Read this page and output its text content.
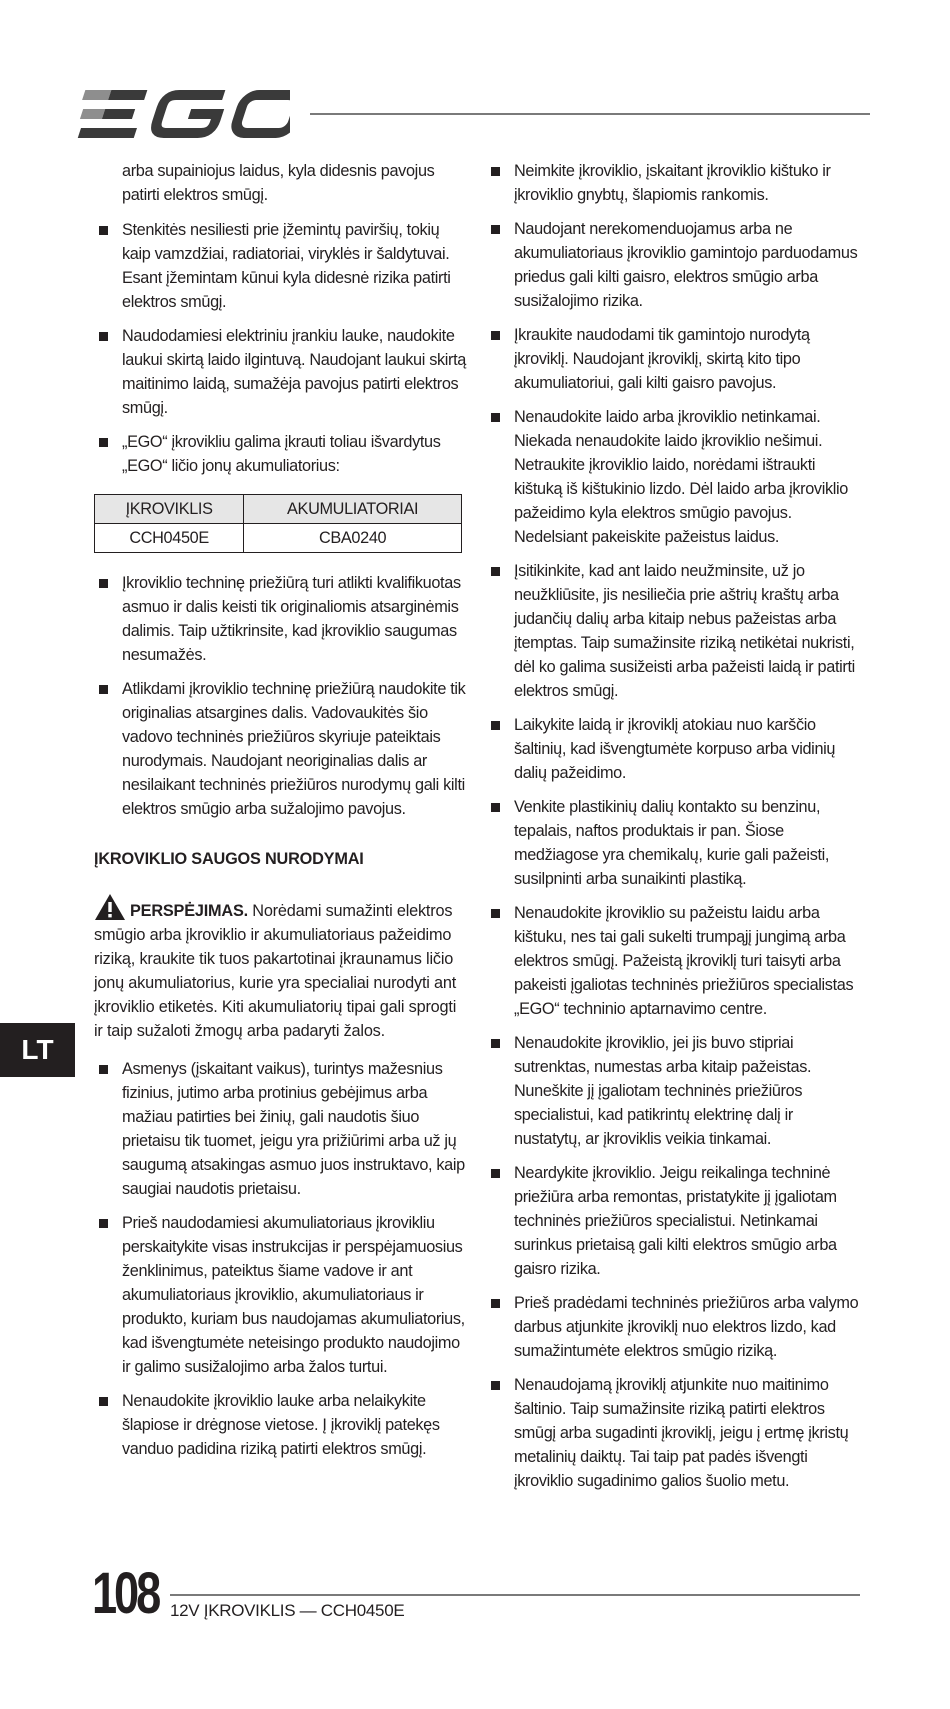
arba supainiojus laidus, kyla didesnis pavojus patirti elektros smūgį.

Stenkitės nesiliesti prie įžemintų paviršių, tokių kaip vamzdžiai, radiatoriai, viryklės ir šaldytuvai. Esant įžemintam kūnui kyla didesnė rizika patirti elektros smūgį.

Naudodamiesi elektriniu įrankiu lauke, naudokite laukui skirtą laido ilgintuvą. Naudojant laukui skirtą maitinimo laidą, sumažėja pavojus patirti elektros smūgį.

„EGO“ įkrovikliu galima įkrauti toliau išvardytus „EGO“ ličio jonų akumuliatorius:

ĮKROVIKLIS	AKUMULIATORIAI
CCH0450E	CBA0240

Įkroviklio techninę priežiūrą turi atlikti kvalifikuotas asmuo ir dalis keisti tik originaliomis atsarginėmis dalimis. Taip užtikrinsite, kad įkroviklio saugumas nesumažės.

Atlikdami įkroviklio techninę priežiūrą naudokite tik originalias atsargines dalis. Vadovaukitės šio vadovo techninės priežiūros skyriuje pateiktais nurodymais. Naudojant neoriginalias dalis ar nesilaikant techninės priežiūros nurodymų gali kilti elektros smūgio arba sužalojimo pavojus.

ĮKROVIKLIO SAUGOS NURODYMAI

PERSPĖJIMAS. Norėdami sumažinti elektros smūgio arba įkroviklio ir akumuliatoriaus pažeidimo riziką, kraukite tik tuos pakartotinai įkraunamus ličio jonų akumuliatorius, kurie yra specialiai nurodyti ant įkroviklio etiketės. Kiti akumuliatorių tipai gali sprogti ir taip sužaloti žmogų arba padaryti žalos.

Asmenys (įskaitant vaikus), turintys mažesnius fizinius, jutimo arba protinius gebėjimus arba mažiau patirties bei žinių, gali naudotis šiuo prietaisu tik tuomet, jeigu yra prižiūrimi arba už jų saugumą atsakingas asmuo juos instruktavo, kaip saugiai naudotis prietaisu.

Prieš naudodamiesi akumuliatoriaus įkrovikliu perskaitykite visas instrukcijas ir perspėjamuosius ženklinimus, pateiktus šiame vadove ir ant akumuliatoriaus įkroviklio, akumuliatoriaus ir produkto, kuriam bus naudojamas akumuliatorius, kad išvengtumėte neteisingo produkto naudojimo ir galimo susižalojimo arba žalos turtui.

Nenaudokite įkroviklio lauke arba nelaikykite šlapiose ir drėgnose vietose. Į įkroviklį patekęs vanduo padidina riziką patirti elektros smūgį.

Neimkite įkroviklio, įskaitant įkroviklio kištuko ir įkroviklio gnybtų, šlapiomis rankomis.

Naudojant nerekomenduojamus arba ne akumuliatoriaus įkroviklio gamintojo parduodamus priedus gali kilti gaisro, elektros smūgio arba susižalojimo rizika.

Įkraukite naudodami tik gamintojo nurodytą įkroviklį. Naudojant įkroviklį, skirtą kito tipo akumuliatoriui, gali kilti gaisro pavojus.

Nenaudokite laido arba įkroviklio netinkamai. Niekada nenaudokite laido įkroviklio nešimui. Netraukite įkroviklio laido, norėdami ištraukti kištuką iš kištukinio lizdo. Dėl laido arba įkroviklio pažeidimo kyla elektros smūgio pavojus. Nedelsiant pakeiskite pažeistus laidus.

Įsitikinkite, kad ant laido neužminsite, už jo neužkliūsite, jis nesiliečia prie aštrių kraštų arba judančių dalių arba kitaip nebus pažeistas arba įtemptas. Taip sumažinsite riziką netikėtai nukristi, dėl ko galima susižeisti arba pažeisti laidą ir patirti elektros smūgį.

Laikykite laidą ir įkroviklį atokiau nuo karščio šaltinių, kad išvengtumėte korpuso arba vidinių dalių pažeidimo.

Venkite plastikinių dalių kontakto su benzinu, tepalais, naftos produktais ir pan. Šiose medžiagose yra chemikalų, kurie gali pažeisti, susilpninti arba sunaikinti plastiką.

Nenaudokite įkroviklio su pažeistu laidu arba kištuku, nes tai gali sukelti trumpąjį jungimą arba elektros smūgį. Pažeistą įkroviklį turi taisyti arba pakeisti įgaliotas techninės priežiūros specialistas „EGO“ techninio aptarnavimo centre.

Nenaudokite įkroviklio, jei jis buvo stipriai sutrenktas, numestas arba kitaip pažeistas. Nuneškite jį įgaliotam techninės priežiūros specialistui, kad patikrintų elektrinę dalį ir nustatytų, ar įkroviklis veikia tinkamai.

Neardykite įkroviklio. Jeigu reikalinga techninė priežiūra arba remontas, pristatykite jį įgaliotam techninės priežiūros specialistui. Netinkamai surinkus prietaisą gali kilti elektros smūgio arba gaisro rizika.

Prieš pradėdami techninės priežiūros arba valymo darbus atjunkite įkroviklį nuo elektros lizdo, kad sumažintumėte elektros smūgio riziką.

Nenaudojamą įkroviklį atjunkite nuo maitinimo šaltinio. Taip sumažinsite riziką patirti elektros smūgį arba sugadinti įkroviklį, jeigu į ertmę įkristų metalinių daiktų. Tai taip pat padės išvengti įkroviklio sugadinimo galios šuolio metu.

LT
108 12V ĮKROVIKLIS — CCH0450E
